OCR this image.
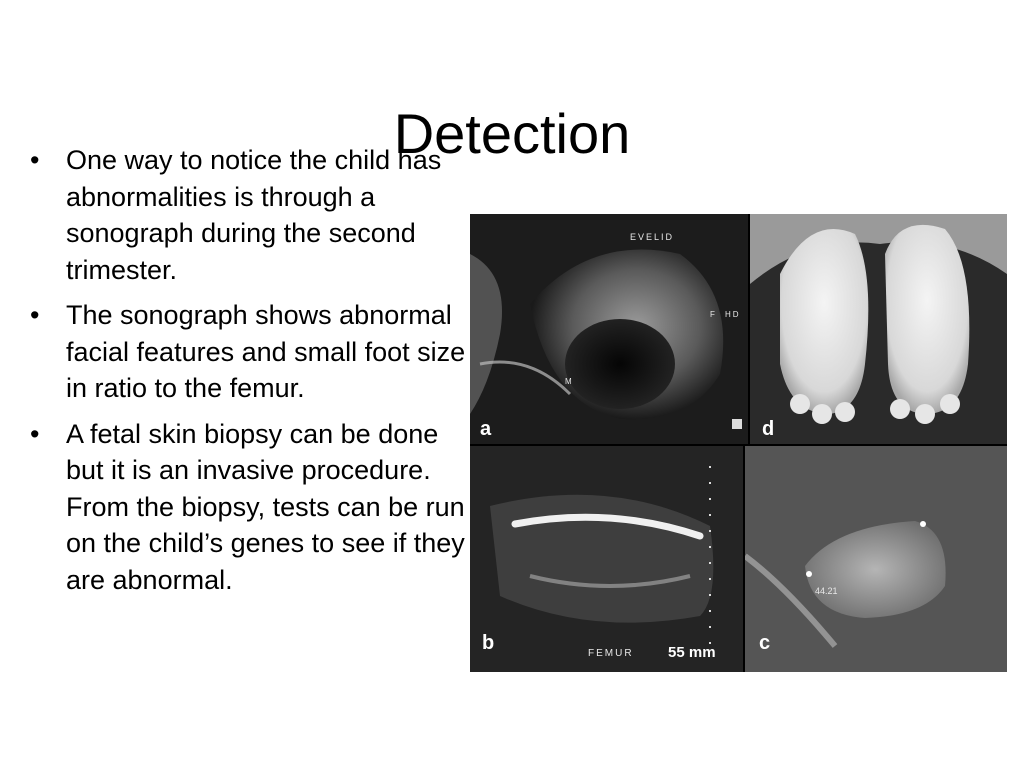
Detection
• One way to notice the child has abnormalities is through a sonograph during the second trimester.
• The sonograph shows abnormal facial features and small foot size in ratio to the femur.
• A fetal skin biopsy can be done but it is an invasive procedure. From the biopsy, tests can be run on the child’s genes to see if they are abnormal.
EVELID
F HD
M
a	d
FEMUR 55 mm
b
44.21
c
